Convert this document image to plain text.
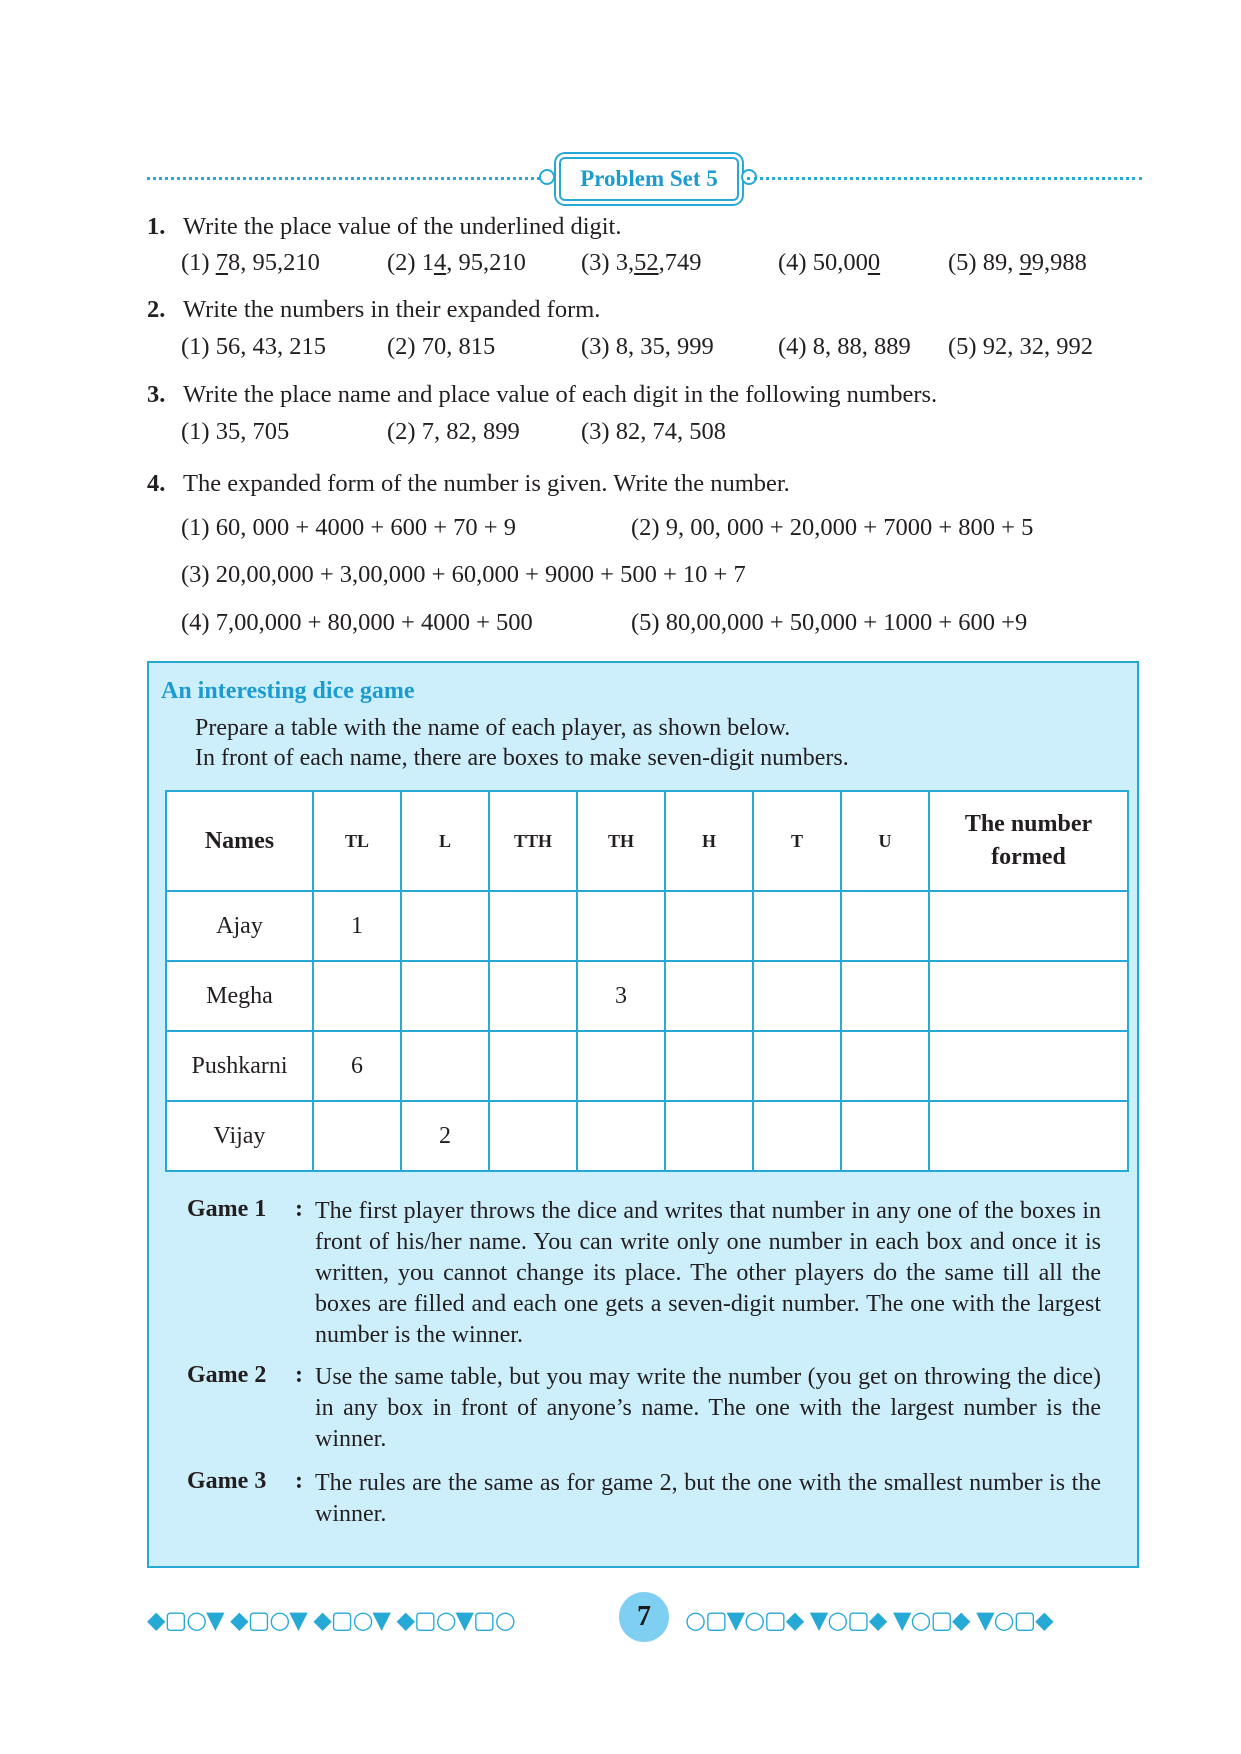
Problem Set 5
1. Write the place value of the underlined digit.
(1) 78, 95,210	(2) 14, 95,210 (3) 3,52,749	(4) 50,000	(5) 89, 99,988
2. Write the numbers in their expanded form.
(1) 56, 43, 215 (2) 70, 815	(3) 8, 35, 999	(4) 8, 88, 889 (5) 92, 32, 992
3. Write the place name and place value of each digit in the following numbers.
(1) 35, 705	(2) 7, 82, 899	(3) 82, 74, 508
4. The expanded form of the number is given. Write the number.
(1) 60, 000 + 4000 + 600 + 70 + 9	(2) 9, 00, 000 + 20,000 + 7000 + 800 + 5
(3) 20,00,000 + 3,00,000 + 60,000 + 9000 + 500 + 10 + 7
(4) 7,00,000 + 80,000 + 4000 + 500	(5) 80,00,000 + 50,000 + 1000 + 600 +9
An interesting dice game
Prepare a table with the name of each player, as shown below.
In front of each name, there are boxes to make seven-digit numbers.
Names	TL	L	TTH	TH	H	T	U	The number formed
Ajay	1							
Megha				3				
Pushkarni	6							
Vijay		2						
Game 1 : The first player throws the dice and writes that number in any one of the boxes in front of his/her name. You can write only one number in each box and once it is written, you cannot change its place. The other players do the same till all the boxes are filled and each one gets a seven-digit number. The one with the largest number is the winner.
Game 2 : Use the same table, but you may write the number (you get on throwing the dice) in any box in front of anyone’s name. The one with the largest number is the winner.
Game 3 : The rules are the same as for game 2, but the one with the smallest number is the winner.
◆▢○▼ ◆▢○▼ ◆▢○▼ ◆▢○▼▢○	7	○▢▼○▢◆ ▼○▢◆ ▼○▢◆ ▼○▢◆
